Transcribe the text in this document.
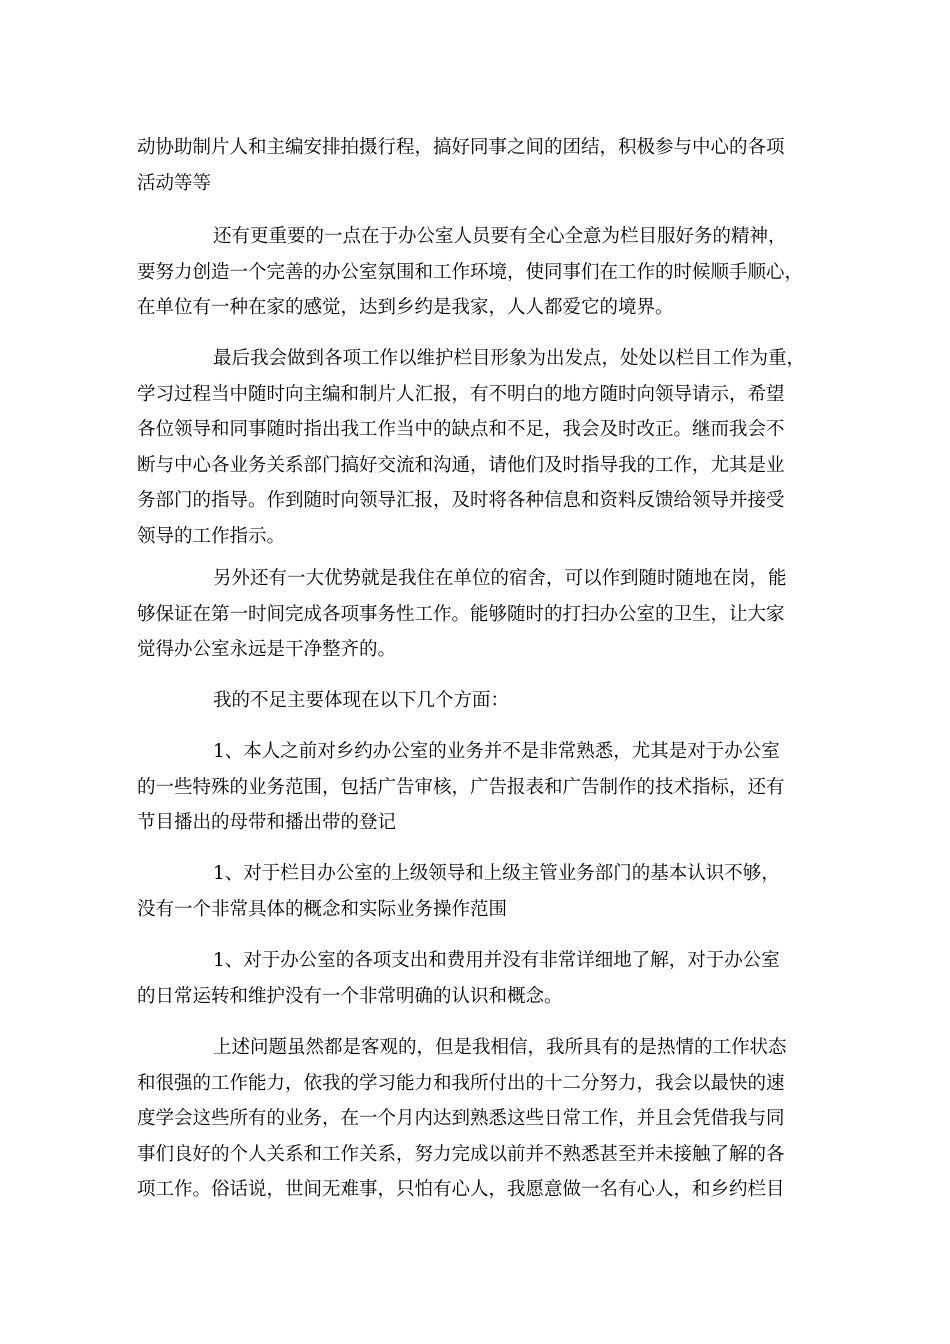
动协助制片人和主编安排拍摄行程，搞好同事之间的团结，积极参与中心的各项
活动等等

还有更重要的一点在于办公室人员要有全心全意为栏目服好务的精神，
要努力创造一个完善的办公室氛围和工作环境，使同事们在工作的时候顺手顺心，
在单位有一种在家的感觉，达到乡约是我家，人人都爱它的境界。

最后我会做到各项工作以维护栏目形象为出发点，处处以栏目工作为重，
学习过程当中随时向主编和制片人汇报，有不明白的地方随时向领导请示，希望
各位领导和同事随时指出我工作当中的缺点和不足，我会及时改正。继而我会不
断与中心各业务关系部门搞好交流和沟通，请他们及时指导我的工作，尤其是业
务部门的指导。作到随时向领导汇报，及时将各种信息和资料反馈给领导并接受
领导的工作指示。

另外还有一大优势就是我住在单位的宿舍，可以作到随时随地在岗，能
够保证在第一时间完成各项事务性工作。能够随时的打扫办公室的卫生，让大家
觉得办公室永远是干净整齐的。

我的不足主要体现在以下几个方面：

1、本人之前对乡约办公室的业务并不是非常熟悉，尤其是对于办公室
的一些特殊的业务范围，包括广告审核，广告报表和广告制作的技术指标，还有
节目播出的母带和播出带的登记

1、对于栏目办公室的上级领导和上级主管业务部门的基本认识不够，
没有一个非常具体的概念和实际业务操作范围

1、对于办公室的各项支出和费用并没有非常详细地了解，对于办公室
的日常运转和维护没有一个非常明确的认识和概念。

上述问题虽然都是客观的，但是我相信，我所具有的是热情的工作状态
和很强的工作能力，依我的学习能力和我所付出的十二分努力，我会以最快的速
度学会这些所有的业务，在一个月内达到熟悉这些日常工作，并且会凭借我与同
事们良好的个人关系和工作关系，努力完成以前并不熟悉甚至并未接触了解的各
项工作。俗话说，世间无难事，只怕有心人，我愿意做一名有心人，和乡约栏目
